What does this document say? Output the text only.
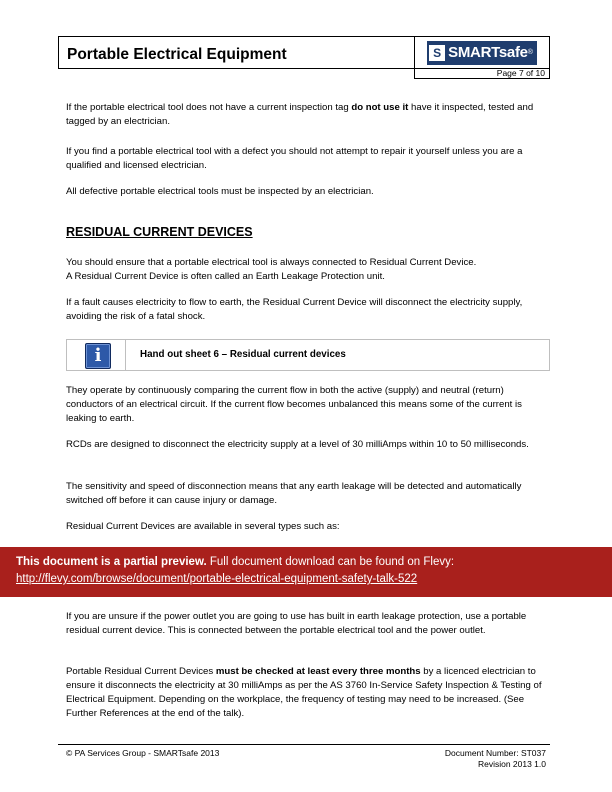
Portable Electrical Equipment	S SMARTsafe ®
Page 7 of 10

If the portable electrical tool does not have a current inspection tag do not use it have it inspected, tested and tagged by an electrician.

If you find a portable electrical tool with a defect you should not attempt to repair it yourself unless you are a qualified and licensed electrician.

All defective portable electrical tools must be inspected by an electrician.

RESIDUAL CURRENT DEVICES

You should ensure that a portable electrical tool is always connected to Residual Current Device.
A Residual Current Device is often called an Earth Leakage Protection unit.

If a fault causes electricity to flow to earth, the Residual Current Device will disconnect the electricity supply, avoiding the risk of a fatal shock.

i	Hand out sheet 6 – Residual current devices

They operate by continuously comparing the current flow in both the active (supply) and neutral (return) conductors of an electrical circuit. If the current flow becomes unbalanced this means some of the current is leaking to earth.

RCDs are designed to disconnect the electricity supply at a level of 30 milliAmps within 10 to 50 milliseconds.

The sensitivity and speed of disconnection means that any earth leakage will be detected and automatically switched off before it can cause injury or damage.

Residual Current Devices are available in several types such as:

This document is a partial preview. Full document download can be found on Flevy:
http://flevy.com/browse/document/portable-electrical-equipment-safety-talk-522

If you are unsure if the power outlet you are going to use has built in earth leakage protection, use a portable residual current device. This is connected between the portable electrical tool and the power outlet.

Portable Residual Current Devices must be checked at least every three months by a licenced electrician to ensure it disconnects the electricity at 30 milliAmps as per the AS 3760 In-Service Safety Inspection & Testing of Electrical Equipment. Depending on the workplace, the frequency of testing may need to be increased. (See Further References at the end of the talk).

© PA Services Group - SMARTsafe 2013	Document Number: ST037
Revision 2013 1.0
